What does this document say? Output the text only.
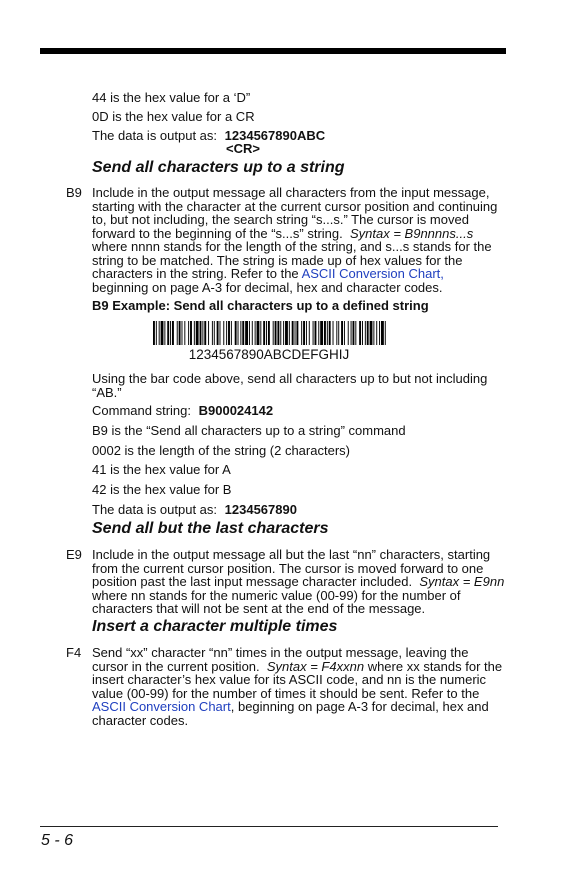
44 is the hex value for a ‘D”
0D is the hex value for a CR
The data is output as: 1234567890ABC
<CR>
Send all characters up to a string
B9 Include in the output message all characters from the input message,
starting with the character at the current cursor position and continuing
to, but not including, the search string “s...s.” The cursor is moved
forward to the beginning of the “s...s” string. Syntax = B9nnnns...s
where nnnn stands for the length of the string, and s...s stands for the
string to be matched. The string is made up of hex values for the
characters in the string. Refer to the ASCII Conversion Chart,
beginning on page A-3 for decimal, hex and character codes.
B9 Example: Send all characters up to a defined string
1234567890ABCDEFGHIJ
Using the bar code above, send all characters up to but not including
“AB.”
Command string: B900024142
B9 is the “Send all characters up to a string” command
0002 is the length of the string (2 characters)
41 is the hex value for A
42 is the hex value for B
The data is output as: 1234567890
Send all but the last characters
E9 Include in the output message all but the last “nn” characters, starting
from the current cursor position. The cursor is moved forward to one
position past the last input message character included. Syntax = E9nn
where nn stands for the numeric value (00-99) for the number of
characters that will not be sent at the end of the message.
Insert a character multiple times
F4 Send “xx” character “nn” times in the output message, leaving the
cursor in the current position. Syntax = F4xxnn where xx stands for the
insert character’s hex value for its ASCII code, and nn is the numeric
value (00-99) for the number of times it should be sent. Refer to the
ASCII Conversion Chart, beginning on page A-3 for decimal, hex and
character codes.
5 - 6
